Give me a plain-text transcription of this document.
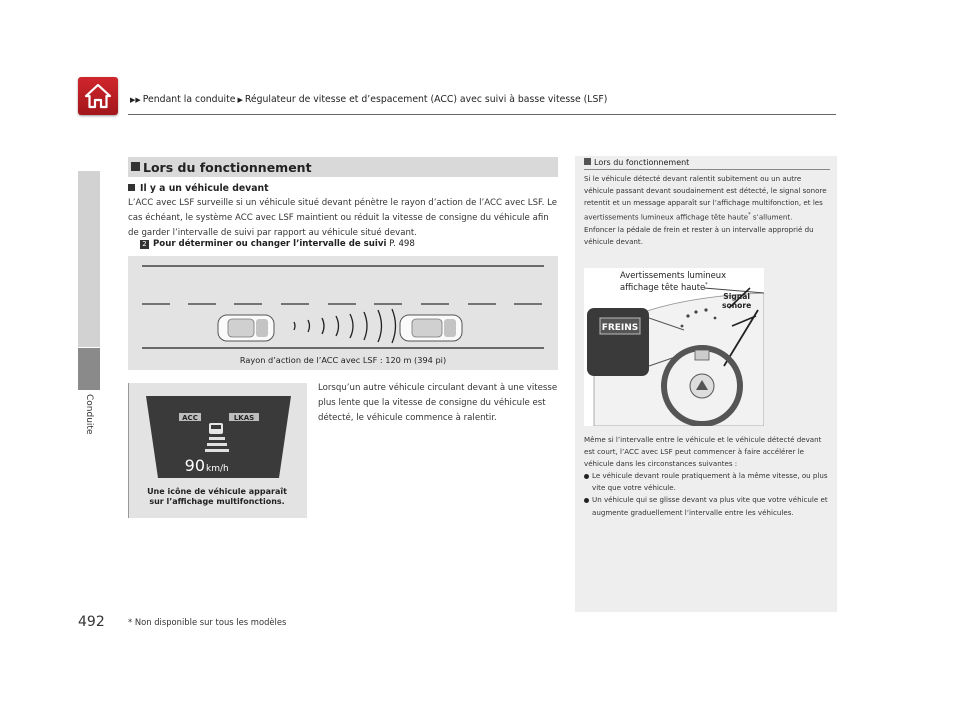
▶▶ Pendant la conduite ▶ Régulateur de vitesse et d’espacement (ACC) avec suivi à basse vitesse (LSF)
Conduite
492
Lors du fonctionnement
Il y a un véhicule devant
L’ACC avec LSF surveille si un véhicule situé devant pénètre le rayon d’action de l’ACC avec LSF. Le cas échéant, le système ACC avec LSF maintient ou réduit la vitesse de consigne du véhicule afin de garder l’intervalle de suivi par rapport au véhicule situé devant.
2 Pour déterminer ou changer l’intervalle de suivi P. 498
Rayon d’action de l’ACC avec LSF : 120 m (394 pi)
ACC	LKAS
90 km/h
Une icône de véhicule apparaît
sur l’affichage multifonctions.
Lorsqu’un autre véhicule circulant devant à une vitesse plus lente que la vitesse de consigne du véhicule est détecté, le véhicule commence à ralentir.
Lors du fonctionnement
Si le véhicule détecté devant ralentit subitement ou un autre véhicule passant devant soudainement est détecté, le signal sonore retentit et un message apparaît sur l’affichage multifonction, et les avertissements lumineux affichage tête haute* s’allument.
Enfoncer la pédale de frein et rester à un intervalle approprié du véhicule devant.
FREINS
Avertissements lumineux
affichage tête haute*
Signal
sonore
Même si l’intervalle entre le véhicule et le véhicule détecté devant est court, l’ACC avec LSF peut commencer à faire accélérer le véhicule dans les circonstances suivantes :
Le véhicule devant roule pratiquement à la même vitesse, ou plus vite que votre véhicule.
Un véhicule qui se glisse devant va plus vite que votre véhicule et augmente graduellement l’intervalle entre les véhicules.
* Non disponible sur tous les modèles
